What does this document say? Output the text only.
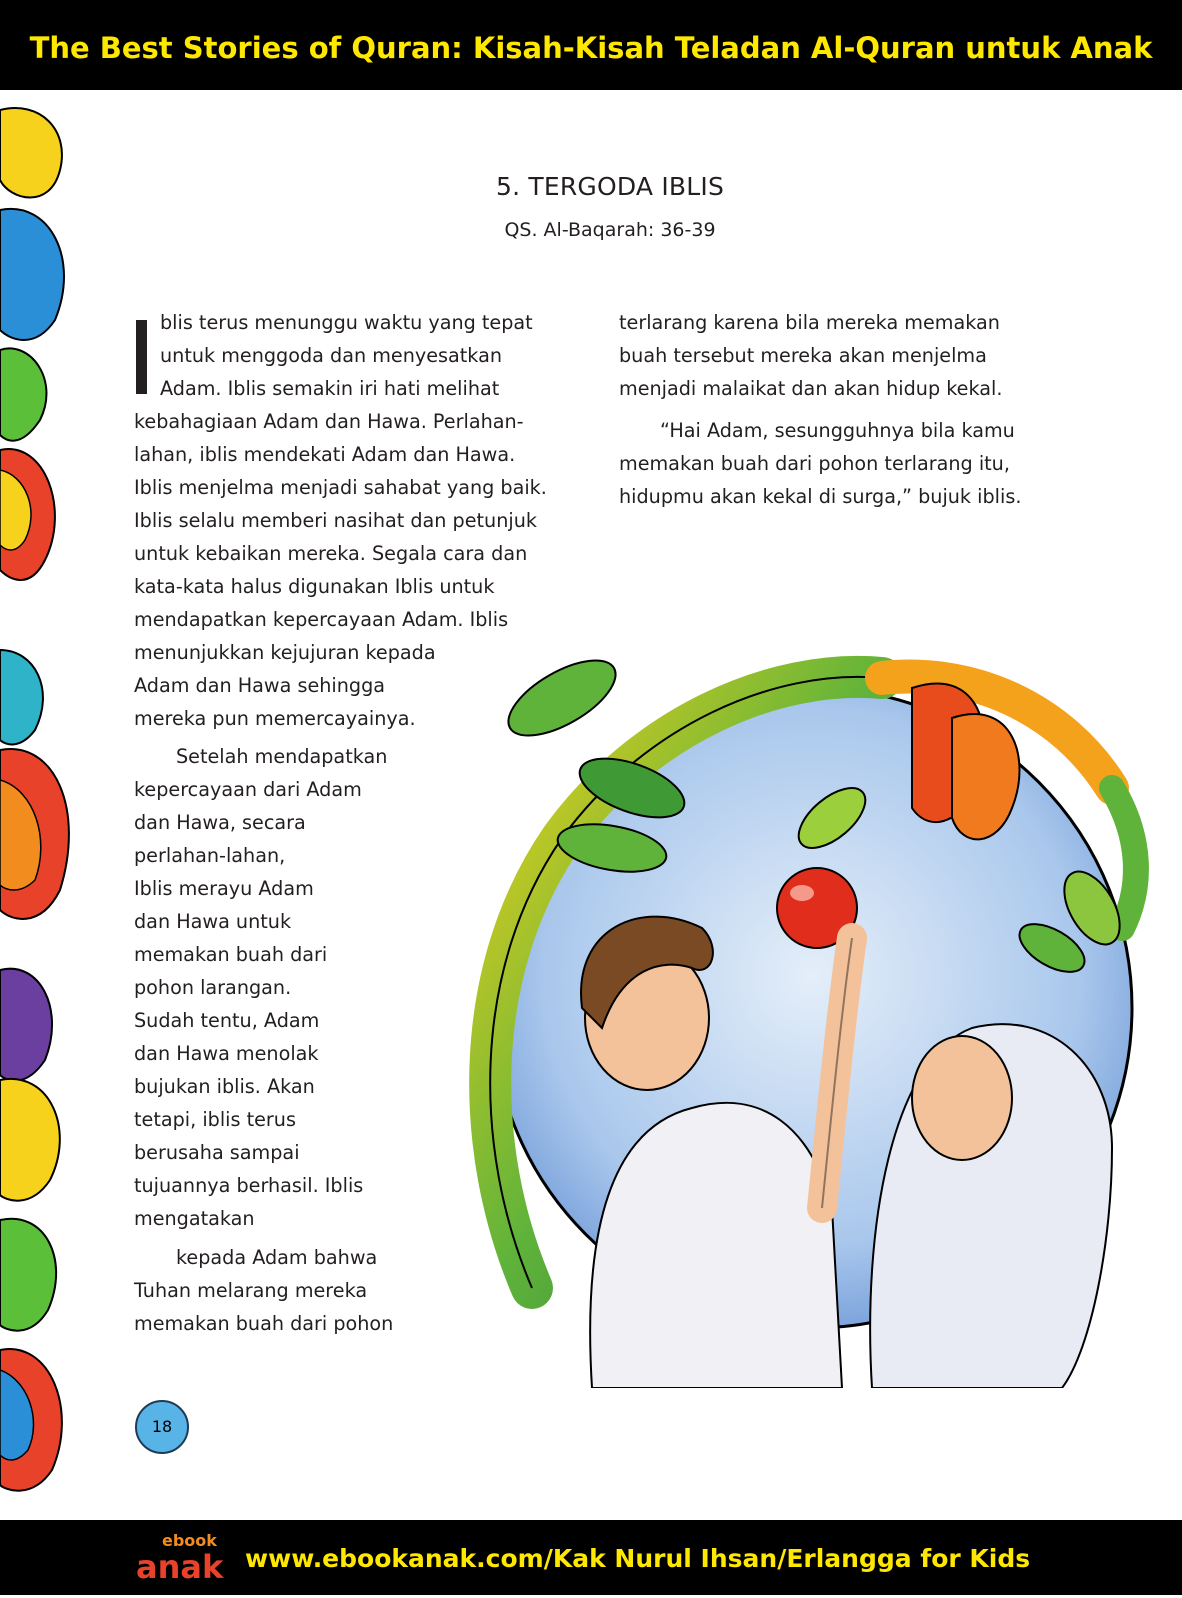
The Best Stories of Quran: Kisah-Kisah Teladan Al-Quran untuk Anak
5. TERGODA IBLIS
QS. Al-Baqarah: 36-39
blis terus menunggu waktu yang tepat
untuk menggoda dan menyesatkan
Adam. Iblis semakin iri hati melihat
kebahagiaan Adam dan Hawa. Perlahan-
lahan, iblis mendekati Adam dan Hawa.
Iblis menjelma menjadi sahabat yang baik.
Iblis selalu memberi nasihat dan petunjuk
untuk kebaikan mereka. Segala cara dan
kata-kata halus digunakan Iblis untuk
mendapatkan kepercayaan Adam. Iblis
menunjukkan kejujuran kepada
Adam dan Hawa sehingga
mereka pun memercayainya.
Setelah mendapatkan
kepercayaan dari Adam
dan Hawa, secara
perlahan-lahan,
Iblis merayu Adam
dan Hawa untuk
memakan buah dari
pohon larangan.
Sudah tentu, Adam
dan Hawa menolak
bujukan iblis. Akan
tetapi, iblis terus
berusaha sampai
tujuannya berhasil. Iblis
mengatakan
kepada Adam bahwa
Tuhan melarang mereka
memakan buah dari pohon
terlarang karena bila mereka memakan
buah tersebut mereka akan menjelma
menjadi malaikat dan akan hidup kekal.
“Hai Adam, sesungguhnya bila kamu
memakan buah dari pohon terlarang itu,
hidupmu akan kekal di surga,” bujuk iblis.
18
ebook
anak www.ebookanak.com/Kak Nurul Ihsan/Erlangga for Kids
